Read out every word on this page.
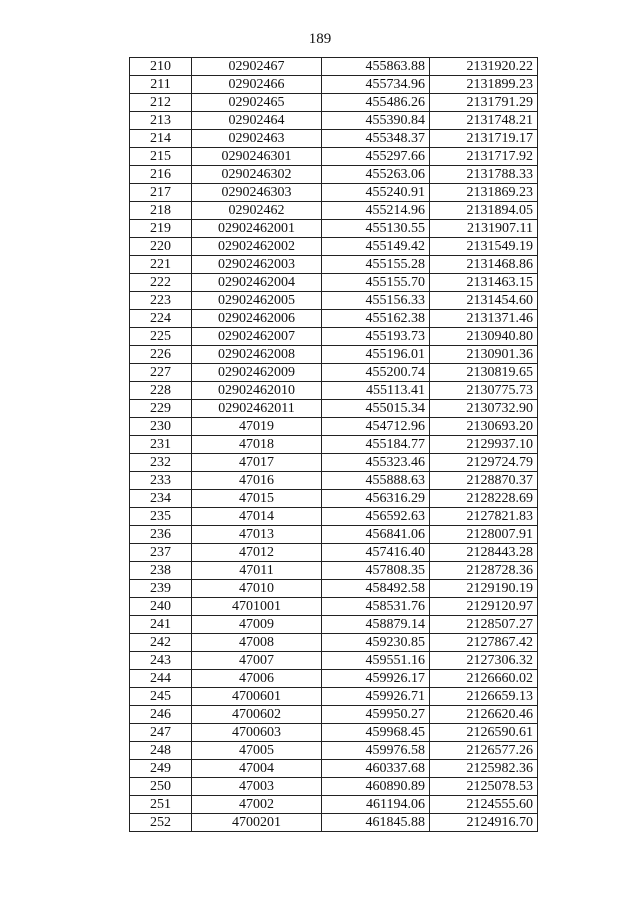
189
210	02902467	455863.88	2131920.22
211	02902466	455734.96	2131899.23
212	02902465	455486.26	2131791.29
213	02902464	455390.84	2131748.21
214	02902463	455348.37	2131719.17
215	0290246301	455297.66	2131717.92
216	0290246302	455263.06	2131788.33
217	0290246303	455240.91	2131869.23
218	02902462	455214.96	2131894.05
219	02902462001	455130.55	2131907.11
220	02902462002	455149.42	2131549.19
221	02902462003	455155.28	2131468.86
222	02902462004	455155.70	2131463.15
223	02902462005	455156.33	2131454.60
224	02902462006	455162.38	2131371.46
225	02902462007	455193.73	2130940.80
226	02902462008	455196.01	2130901.36
227	02902462009	455200.74	2130819.65
228	02902462010	455113.41	2130775.73
229	02902462011	455015.34	2130732.90
230	47019	454712.96	2130693.20
231	47018	455184.77	2129937.10
232	47017	455323.46	2129724.79
233	47016	455888.63	2128870.37
234	47015	456316.29	2128228.69
235	47014	456592.63	2127821.83
236	47013	456841.06	2128007.91
237	47012	457416.40	2128443.28
238	47011	457808.35	2128728.36
239	47010	458492.58	2129190.19
240	4701001	458531.76	2129120.97
241	47009	458879.14	2128507.27
242	47008	459230.85	2127867.42
243	47007	459551.16	2127306.32
244	47006	459926.17	2126660.02
245	4700601	459926.71	2126659.13
246	4700602	459950.27	2126620.46
247	4700603	459968.45	2126590.61
248	47005	459976.58	2126577.26
249	47004	460337.68	2125982.36
250	47003	460890.89	2125078.53
251	47002	461194.06	2124555.60
252	4700201	461845.88	2124916.70
